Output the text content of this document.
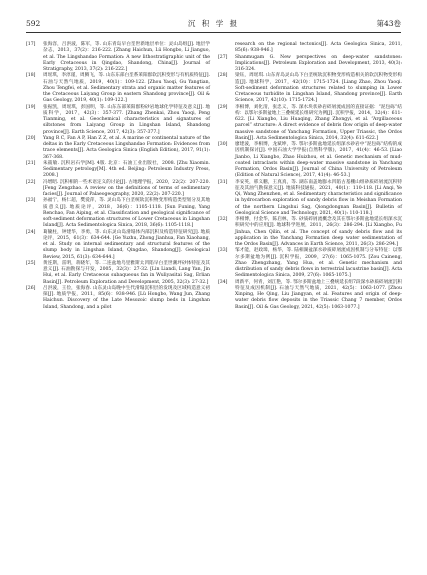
592	沉 积 学 报	第43卷
[17] 张海容，吕洪波，陈军，等. 山东青岛早白垩世新地层单位：灵山岛组[J]. 地层学杂志，2013，37(2)：216-222. [Zhang Haichun, Lü Hongbo, Li Jianguo, et al. The Lingshandao Formation: A new lithostratigraphic unit of the Early Cretaceous in Qingdao, Shandong, China[J]. Journal of Stratigraphy, 2013, 37(2): 216-222.]
[18] 周瑶琪，李淳谨，周腾飞，等. 山东东部白垩系莱阳群软沉积变形与有机质特征[J]. 石油与天然气地质，2019，40(1)：109-122. [Zhou Yaoqi, Gu Yangtian, Zhou Tengfei, et al. Sedimentary strata and organic matter features of the Cretaceous Laiyang Group in eastern Shandong province[J]. Oil & Gas Geology, 2019, 40(1): 109-122.]
[19] 张振凯，周瑶琪，彭国明，等. 山东东部莱阳群粉砂岩地球化学特征及意义[J]. 地质科学，2017，42(3)：357-377. [Zhang Zhenkai, Zhou Yaoqi, Peng Tianming, et al. Geochemical characteristics and signatures of siltstones from Laiyang Group in Lingshan Island, Shandong province[J]. Earth Science, 2017, 42(3): 357-377.]
[20] Yang R C, Fan A P, Han Z Z, et al. A marine or continental nature of the deltas in the Early Cretaceous Lingshandao Formation: Evidences from trace elements[J]. Acta Geologica Sinica (English Edition), 2017, 91(1): 367-368.
[21] 朱筱敏. 沉积岩石学[M]. 4版. 北京：石油工业出版社，2008. [Zhu Xiaomin. Sedimentary petrology[M]. 4th ed. Beijing: Petroleum Industry Press, 2008.]
[22] 冯增昭. 沉积相的一些术语定义的讨论[J]. 古地理学报，2020，22(2)：207-220. [Feng Zengzhao. A review on the definitions of terms of sedimentary facies[J]. Journal of Palaeogeography, 2020, 22(2): 207-220.]
[23] 孙福宁，杨仁超，樊爱萍，等. 灵山岛下白垩统软沉积物变形构造类型划分及其地质意义[J]. 地质论评，2018，36(6)：1105-1118. [Sun Funing, Yang Renchao, Fan Aiping, et al. Classification and geological significance of soft-sediment deformation structures of Lower Cretaceous in Lingshan Island[J]. Acta Sedimentologica Sinica, 2018, 36(6): 1105-1118.]
[24] 葛毓柱，钟建华，李勇，等. 山东灵山岛滑塌体内部沉积及构造特征研究[J]. 地质论评，2015，61(3)：634-644. [Ge Yuzhu, Zhong Jianhua, Fan Xiaohang, et al. Study on internal sedimentary and structural features of the slump body in Lingshan Island, Qingdao, Shandong[J]. Geological Review, 2015, 61(3): 634-644.]
[25] 黄连斯，雷明，蒋晓年，等. 二连盆地乌里雅斯太凹陷早白垩世潮坪砂体特征及其意义[J]. 石油勘探与开发，2005，32(3)：27-32. [Lin Liandi, Lang Yan, Jin Hui, et al. Early Cretaceous subaqueous fan in Wuliyasitai Sag, Erlian Basin[J]. Petroleum Exploration and Development, 2005, 32(3): 27-32.]
[26] 吕洪波，王俭，张海春. 山东灵山岛晚中生代滑塌沉积层的发现及区域构造意义初探[J]. 地质学报，2011，85(6)：938-946. [Lü Hongbo, Wang Jun, Zhang Haichun. Discovery of the Late Mesozoic slump beds in Lingshan Island, Shandong, and a pilot
research on the regional tectonics[J]. Acta Geologica Sinica, 2011, 85(6): 938-946.]
[27] Shanmugam G. New perspectives on deep-water sandstones: Implications[J]. Petroleum Exploration and Development, 2013, 40(3): 316-324.
[28] 梁钰，周瑶琪. 山东青岛灵山岛下白垩统软沉积物变形构造相关的软沉积物变形构造[J]. 地球科学，2017，42(10)：1715-1724. [Liang Zhao, Zhou Yaoqi. Soft-sediment deformation structures related to slumping in Lower Cretaceous turbidite in Lingshan Island, Shandong province[J]. Earth Science, 2017, 42(10): 1715-1724.]
[29] 李相博，刘化清，张忠义，等. 深水块状砂岩碎屑流成因的直接证据：“泥包砾”结构：以鄂尔多斯盆地上三叠统延长组研究为例[J]. 沉积学报，2014，32(4)：611-622. [Li Xiangbo, Liu Huaqing, Zhang Zhongyi, et al. “Argillaceous parcel” structure: A direct evidence of debris flow origin of deep-water massive sandstone of Yanchang Formation, Upper Triassic, the Ordos Basin[J]. Acta Sedimentologica Sinica, 2014, 32(4): 611-622.]
[30] 廖建波，李相博，龙斌坤，等. 鄂尔多斯盆地延长组深水砂岩中“泥包砾”结构的成因机制探讨[J]. 中国石油大学学报(自然科学版)，2017，41(4)：46-53. [Liao Jianbo, Li Xiangbo, Zhao Huizhou, et al. Genetic mechanism of mud-coated intraclasts within deep-water massive sandstone in Yanchang Formation, Ordos Basin[J]. Journal of China University of Petroleum (Edition of Natural Science), 2017, 41(4): 46-53.]
[31] 李安英，邢义鹏，王真真，等. 湖东南盖地膨永凹陷古基棚山组砂质碎屑流沉积特征及其油气勘探意义[J]. 地质科技通报，2021，40(1)：110-118. [Li Anqi, Ye Qi, Wang Zhenzhen, et al. Sedimentary characteristics and significance in hydrocarbon exploration of sandy debris flow in Meishan Formation of the northern Lingshui Sag, Qiongdongnan Basin[J]. Bulletin of Geological Science and Technology, 2021, 40(1): 110-118.]
[32] 李相博，付金华，陈启林，等. 砂质碎屑流概念及其在鄂尔多斯盆地延长组深水沉积研究中的应用[J]. 地球科学进展，2011，26(3)：286-294. [Li Xiangbo, Fu Jinhua, Chen Qilin, et al. The concept of sandy debris flow and its application in the Yanchang Formation deep water sedimentation of the Ordos Basin[J]. Advances in Earth Science, 2011, 26(3): 286-294.]
[33] 邹才能，赵政璋，杨华，等. 陆相湖盆深水砂质碎屑流成因机制与分布特征：以鄂尔多斯盆地为例[J]. 沉积学报，2009，27(6)：1065-1075. [Zou Caineng, Zhao Zhengzhang, Yang Hua, et al. Genetic mechanism and distribution of sandy debris flows in terrestrial lacustrine basin[J]. Acta Sedimentologica Sinica, 2009, 27(6): 1065-1075.]
[34] 周新平，何青，刘江艳，等. 鄂尔多斯盆地上三叠统延长组7段深水砂质碎屑流沉积特征及成因机制[J]. 石油与天然气地质，2021，42(5)：1063-1077. [Zhou Xinping, He Qing, Liu Jiangyan, et al. Features and origin of deep-water debris flow deposits in the Triassic Chang 7 member, Ordos Basin[J]. Oil & Gas Geology, 2021, 42(5): 1063-1077.]
